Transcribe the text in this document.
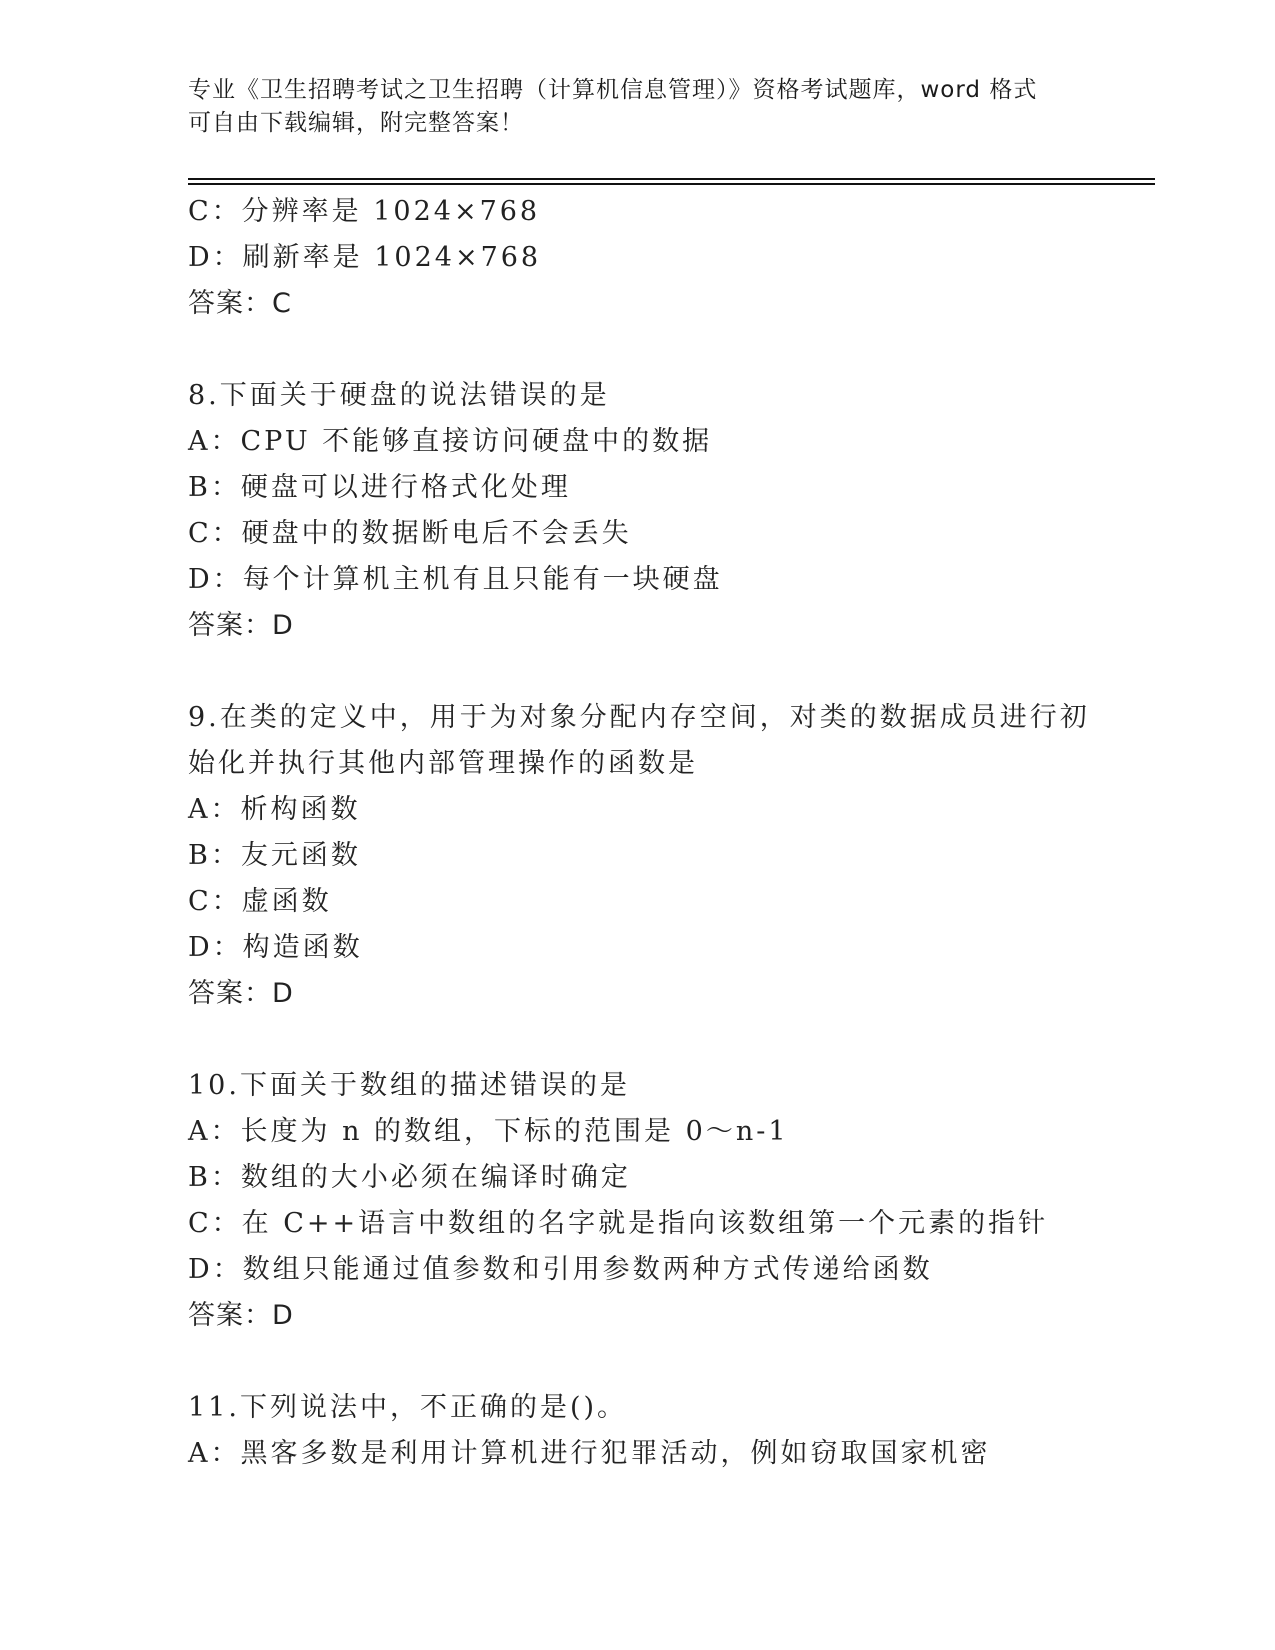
专业《卫生招聘考试之卫生招聘（计算机信息管理）》资格考试题库，word 格式
可自由下载编辑，附完整答案！
C：分辨率是 1024×768
D：刷新率是 1024×768
答案：C
8.下面关于硬盘的说法错误的是
A：CPU 不能够直接访问硬盘中的数据
B：硬盘可以进行格式化处理
C：硬盘中的数据断电后不会丢失
D：每个计算机主机有且只能有一块硬盘
答案：D
9.在类的定义中，用于为对象分配内存空间，对类的数据成员进行初
始化并执行其他内部管理操作的函数是
A：析构函数
B：友元函数
C：虚函数
D：构造函数
答案：D
10.下面关于数组的描述错误的是
A：长度为 n 的数组，下标的范围是 0～n-1
B：数组的大小必须在编译时确定
C：在 C++语言中数组的名字就是指向该数组第一个元素的指针
D：数组只能通过值参数和引用参数两种方式传递给函数
答案：D
11.下列说法中，不正确的是()。
A：黑客多数是利用计算机进行犯罪活动，例如窃取国家机密
